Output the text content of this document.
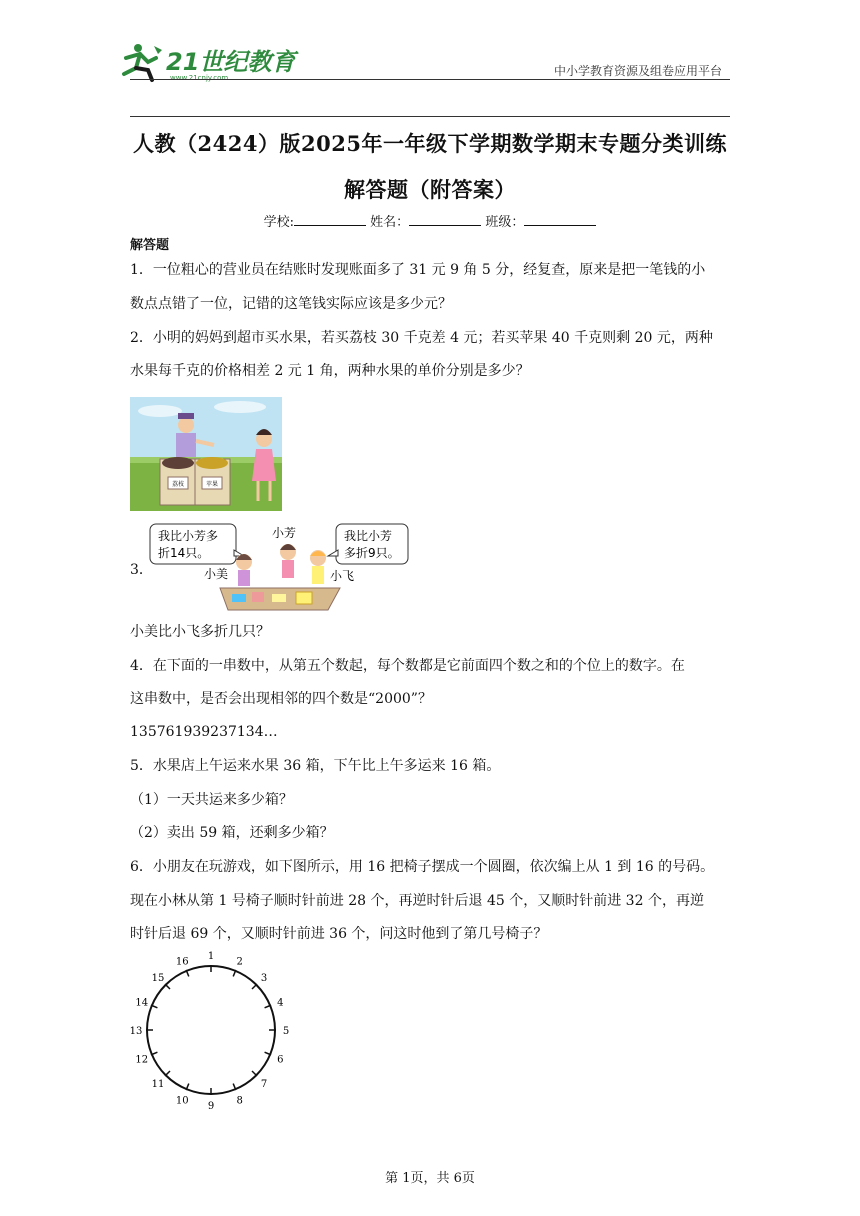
21世纪教育
www.21cnjy.com	中小学教育资源及组卷应用平台
人教（2424）版2025年一年级下学期数学期末专题分类训练
解答题（附答案）
学校:	姓名：	班级：
解答题
1．一位粗心的营业员在结账时发现账面多了 31 元 9 角 5 分，经复查，原来是把一笔钱的小
数点点错了一位，记错的这笔钱实际应该是多少元？
2．小明的妈妈到超市买水果，若买荔枝 30 千克差 4 元；若买苹果 40 千克则剩 20 元，两种
水果每千克的价格相差 2 元 1 角，两种水果的单价分别是多少？
荔枝	苹果
3．
我比小芳多
折14只。
我比小芳
多折9只。
小芳
小美	小飞
小美比小飞多折几只？
4．在下面的一串数中，从第五个数起，每个数都是它前面四个数之和的个位上的数字。在
这串数中，是否会出现相邻的四个数是“2000”？
135761939237134…
5．水果店上午运来水果 36 箱，下午比上午多运来 16 箱。
（1）一天共运来多少箱？
（2）卖出 59 箱，还剩多少箱？
6．小朋友在玩游戏，如下图所示，用 16 把椅子摆成一个圆圈，依次编上从 1 到 16 的号码。
现在小林从第 1 号椅子顺时针前进 28 个，再逆时针后退 45 个，又顺时针前进 32 个，再逆
时针后退 69 个，又顺时针前进 36 个，问这时他到了第几号椅子？
1
2
3
4
5
6
7
8
9
10
11
12
13
14
15
16
第 1页，共 6页
